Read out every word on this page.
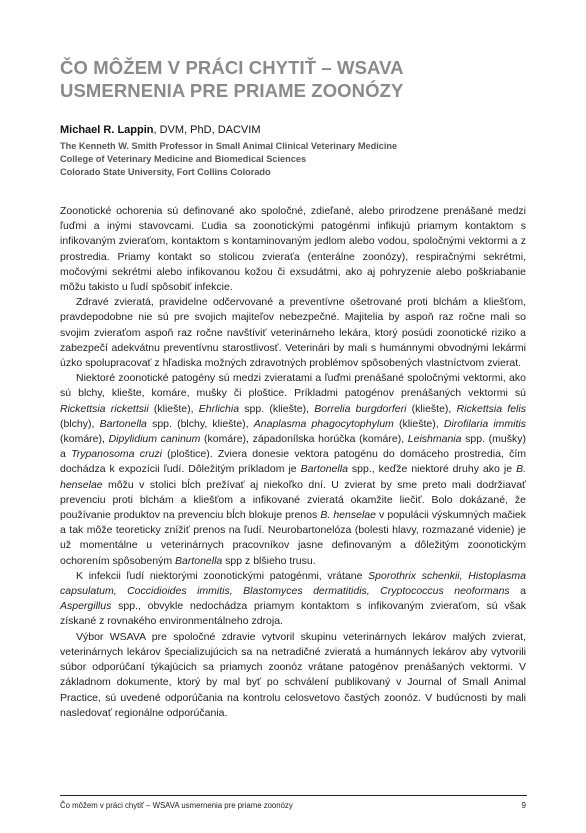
ČO MÔŽEM V PRÁCI CHYTIŤ – WSAVA
USMERNENIA PRE PRIAME ZOONÓZY

Michael R. Lappin, DVM, PhD, DACVIM

The Kenneth W. Smith Professor in Small Animal Clinical Veterinary Medicine
College of Veterinary Medicine and Biomedical Sciences
Colorado State University, Fort Collins Colorado

Zoonotické ochorenia sú definované ako spoločné, zdieľané, alebo prirodzene prenášané medzi ľuďmi a inými stavovcami. Ľudia sa zoonotickými patogénmi infikujú priamym kontaktom s infikovaným zvieraťom, kontaktom s kontaminovaným jedlom alebo vodou, spoločnými vektormi a z prostredia. Priamy kontakt so stolicou zvieraťa (enterálne zoonózy), respiračnými sekrétmi, močovými sekrétmi alebo infikovanou kožou či exsudátmi, ako aj pohryzenie alebo poškriabanie môžu takisto u ľudí spôsobiť infekcie.

Zdravé zvieratá, pravidelne odčervované a preventívne ošetrované proti blchám a kliešťom, pravdepodobne nie sú pre svojich majiteľov nebezpečné. Majitelia by aspoň raz ročne mali so svojim zvieraťom aspoň raz ročne navštíviť veterinárneho lekára, ktorý posúdi zoonotické riziko a zabezpečí adekvátnu preventívnu starostlivosť. Veterinári by mali s humánnymi obvodnými lekármi úzko spolupracovať z hľadiska možných zdravotných problémov spôsobených vlastníctvom zvierat.

Niektoré zoonotické patogény sú medzi zvieratami a ľuďmi prenášané spoločnými vektormi, ako sú blchy, kliešte, komáre, mušky či ploštice. Príkladmi patogénov prenášaných vektormi sú Rickettsia rickettsii (kliešte), Ehrlichia spp. (kliešte), Borrelia burgdorferi (kliešte), Rickettsia felis (blchy), Bartonella spp. (blchy, kliešte), Anaplasma phagocytophylum (kliešte), Dirofilaria immitis (komáre), Dipylidium caninum (komáre), západonílska horúčka (komáre), Leishmania spp. (mušky) a Trypanosoma cruzi (ploštice). Zviera donesie vektora patogénu do domáceho prostredia, čím dochádza k expozícii ľudí. Dôležitým príkladom je Bartonella spp., keďže niektoré druhy ako je B. henselae môžu v stolici bĺch prežívať aj niekoľko dní. U zvierat by sme preto mali dodržiavať prevenciu proti blchám a kliešťom a infikované zvieratá okamžite liečiť. Bolo dokázané, že používanie produktov na prevenciu bĺch blokuje prenos B. henselae v populácii výskumných mačiek a tak môže teoreticky znížiť prenos na ľudí. Neurobartonelóza (bolesti hlavy, rozmazané videnie) je už momentálne u veterinárnych pracovníkov jasne definovaným a dôležitým zoonotickým ochorením spôsobeným Bartonella spp z blšieho trusu.

K infekcii ľudí niektorými zoonotickými patogénmi, vrátane Sporothrix schenkii, Histoplasma capsulatum, Coccidioides immitis, Blastomyces dermatitidis, Cryptococcus neoformans a Aspergillus spp., obvykle nedochádza priamym kontaktom s infikovaným zvieraťom, sú však získané z rovnakého environmentálneho zdroja.

Výbor WSAVA pre spoločné zdravie vytvoril skupinu veterinárnych lekárov malých zvierat, veterinárnych lekárov špecializujúcich sa na netradičné zvieratá a humánnych lekárov aby vytvorili súbor odporúčaní týkajúcich sa priamych zoonóz vrátane patogénov prenášaných vektormi. V základnom dokumente, ktorý by mal byť po schválení publikovaný v Journal of Small Animal Practice, sú uvedené odporúčania na kontrolu celosvetovo častých zoonóz. V budúcnosti by mali nasledovať regionálne odporúčania.

Čo môžem v práci chytiť – WSAVA usmernenia pre priame zoonózy	9
